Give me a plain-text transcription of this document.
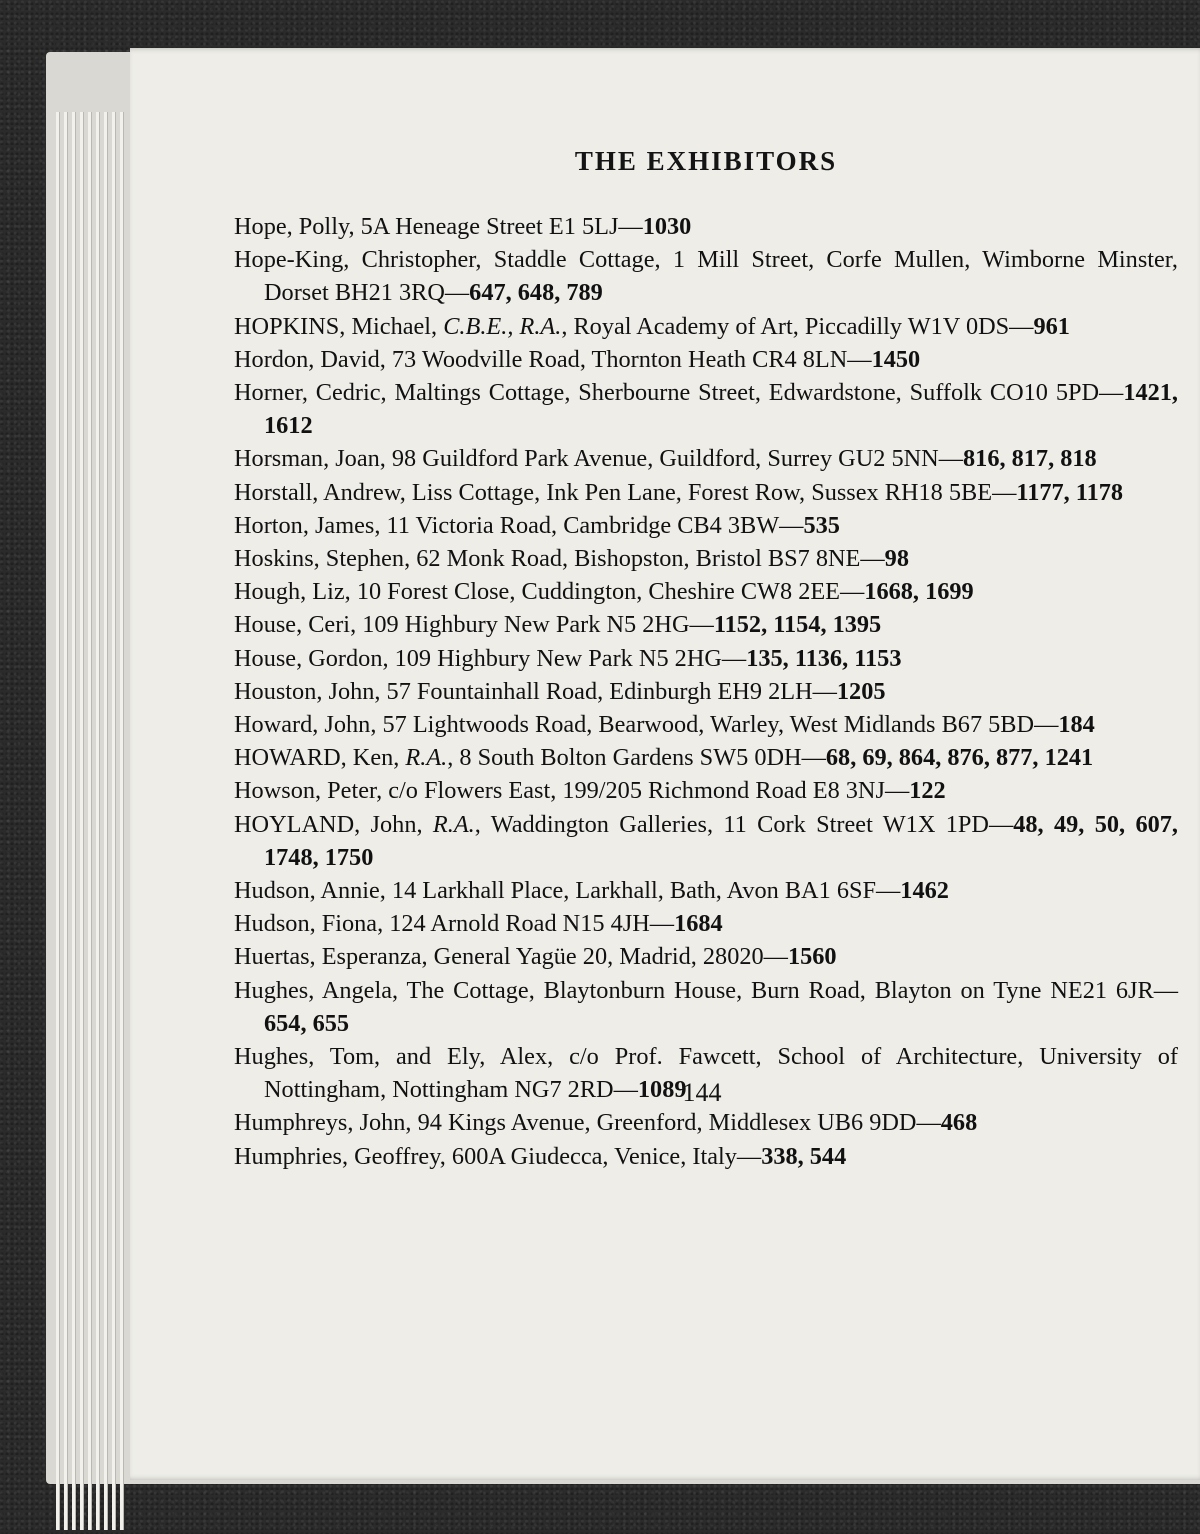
THE EXHIBITORS
Hope, Polly, 5A Heneage Street E1 5LJ—1030
Hope-King, Christopher, Staddle Cottage, 1 Mill Street, Corfe Mullen, Wimborne Minster, Dorset BH21 3RQ—647, 648, 789
HOPKINS, Michael, C.B.E., R.A., Royal Academy of Art, Piccadilly W1V 0DS—961
Hordon, David, 73 Woodville Road, Thornton Heath CR4 8LN—1450
Horner, Cedric, Maltings Cottage, Sherbourne Street, Edwardstone, Suffolk CO10 5PD—1421, 1612
Horsman, Joan, 98 Guildford Park Avenue, Guildford, Surrey GU2 5NN—816, 817, 818
Horstall, Andrew, Liss Cottage, Ink Pen Lane, Forest Row, Sussex RH18 5BE—1177, 1178
Horton, James, 11 Victoria Road, Cambridge CB4 3BW—535
Hoskins, Stephen, 62 Monk Road, Bishopston, Bristol BS7 8NE—98
Hough, Liz, 10 Forest Close, Cuddington, Cheshire CW8 2EE—1668, 1699
House, Ceri, 109 Highbury New Park N5 2HG—1152, 1154, 1395
House, Gordon, 109 Highbury New Park N5 2HG—135, 1136, 1153
Houston, John, 57 Fountainhall Road, Edinburgh EH9 2LH—1205
Howard, John, 57 Lightwoods Road, Bearwood, Warley, West Midlands B67 5BD—184
HOWARD, Ken, R.A., 8 South Bolton Gardens SW5 0DH—68, 69, 864, 876, 877, 1241
Howson, Peter, c/o Flowers East, 199/205 Richmond Road E8 3NJ—122
HOYLAND, John, R.A., Waddington Galleries, 11 Cork Street W1X 1PD—48, 49, 50, 607, 1748, 1750
Hudson, Annie, 14 Larkhall Place, Larkhall, Bath, Avon BA1 6SF—1462
Hudson, Fiona, 124 Arnold Road N15 4JH—1684
Huertas, Esperanza, General Yagüe 20, Madrid, 28020—1560
Hughes, Angela, The Cottage, Blaytonburn House, Burn Road, Blayton on Tyne NE21 6JR—654, 655
Hughes, Tom, and Ely, Alex, c/o Prof. Fawcett, School of Architecture, University of Nottingham, Nottingham NG7 2RD—1089
Humphreys, John, 94 Kings Avenue, Greenford, Middlesex UB6 9DD—468
Humphries, Geoffrey, 600A Giudecca, Venice, Italy—338, 544
144
